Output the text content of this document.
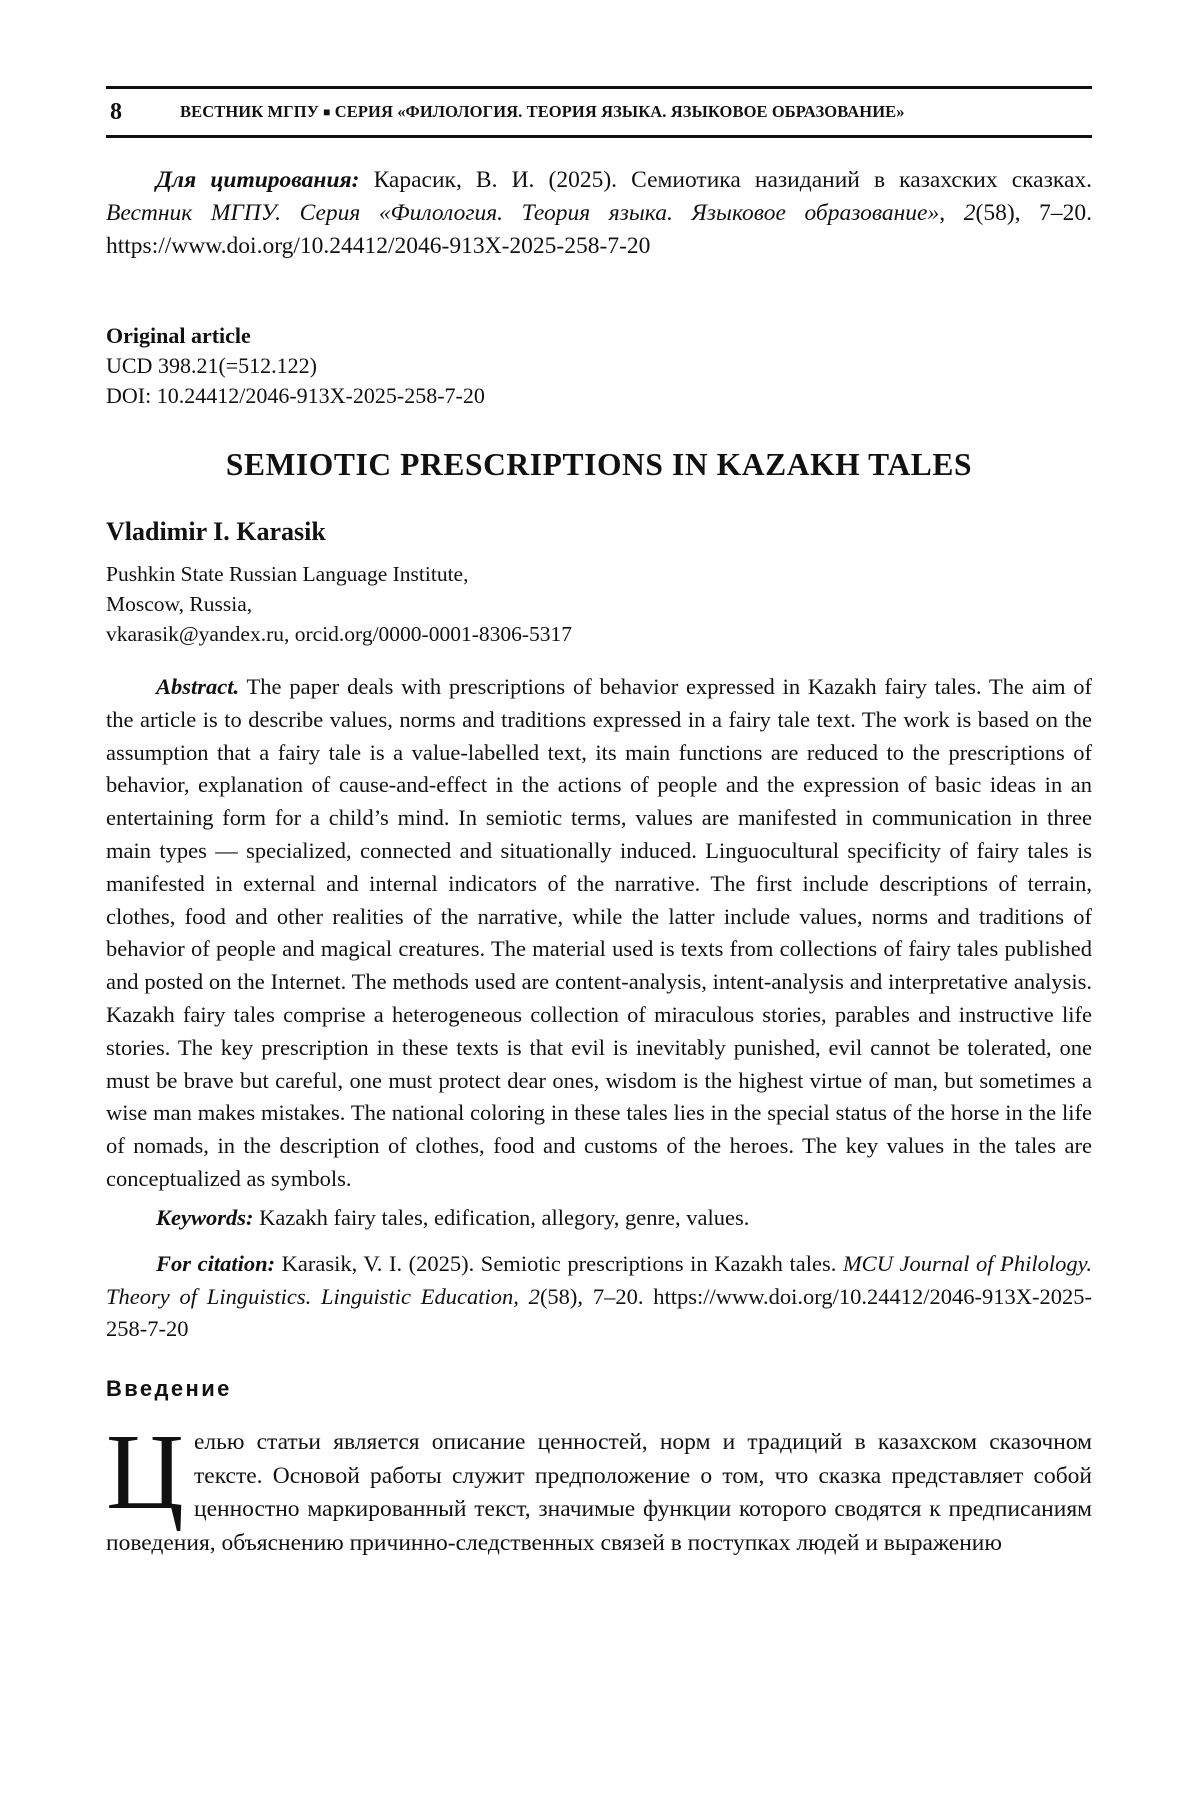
8	ВЕСТНИК МГПУ ■ СЕРИЯ «ФИЛОЛОГИЯ. ТЕОРИЯ ЯЗЫКА. ЯЗЫКОВОЕ ОБРАЗОВАНИЕ»

Для цитирования: Карасик, В. И. (2025). Семиотика назиданий в казахских сказках. Вестник МГПУ. Серия «Филология. Теория языка. Языковое образование», 2(58), 7–20. https://www.doi.org/10.24412/2046-913X-2025-258-7-20

Original article
UCD 398.21(=512.122)
DOI: 10.24412/2046-913X-2025-258-7-20
SEMIOTIC PRESCRIPTIONS IN KAZAKH TALES
Vladimir I. Karasik
Pushkin State Russian Language Institute,
Moscow, Russia,
vkarasik@yandex.ru, orcid.org/0000-0001-8306-5317

Abstract. The paper deals with prescriptions of behavior expressed in Kazakh fairy tales. The aim of the article is to describe values, norms and traditions expressed in a fairy tale text. The work is based on the assumption that a fairy tale is a value-labelled text, its main functions are reduced to the prescriptions of behavior, explanation of cause-and-effect in the actions of people and the expression of basic ideas in an entertaining form for a child’s mind. In semiotic terms, values are manifested in communication in three main types — specialized, connected and situationally induced. Linguocultural specificity of fairy tales is manifested in external and internal indicators of the narrative. The first include descriptions of terrain, clothes, food and other realities of the narrative, while the latter include values, norms and traditions of behavior of people and magical creatures. The material used is texts from collections of fairy tales published and posted on the Internet. The methods used are content-analysis, intent-analysis and interpretative analysis. Kazakh fairy tales comprise a heterogeneous collection of miraculous stories, parables and instructive life stories. The key prescription in these texts is that evil is inevitably punished, evil cannot be tolerated, one must be brave but careful, one must protect dear ones, wisdom is the highest virtue of man, but sometimes a wise man makes mistakes. The national coloring in these tales lies in the special status of the horse in the life of nomads, in the description of clothes, food and customs of the heroes. The key values in the tales are conceptualized as symbols.

Keywords: Kazakh fairy tales, edification, allegory, genre, values.

For citation: Karasik, V. I. (2025). Semiotic prescriptions in Kazakh tales. MCU Journal of Philology. Theory of Linguistics. Linguistic Education, 2(58), 7–20. https://www.doi.org/10.24412/2046-913X-2025-258-7-20

Введение
Ц елью статьи является описание ценностей, норм и традиций в казахском сказочном тексте. Основой работы служит предположение о том, что сказка представляет собой ценностно маркированный текст, значимые функции которого сводятся к предписаниям поведения, объяснению причинно-следственных связей в поступках людей и выражению
